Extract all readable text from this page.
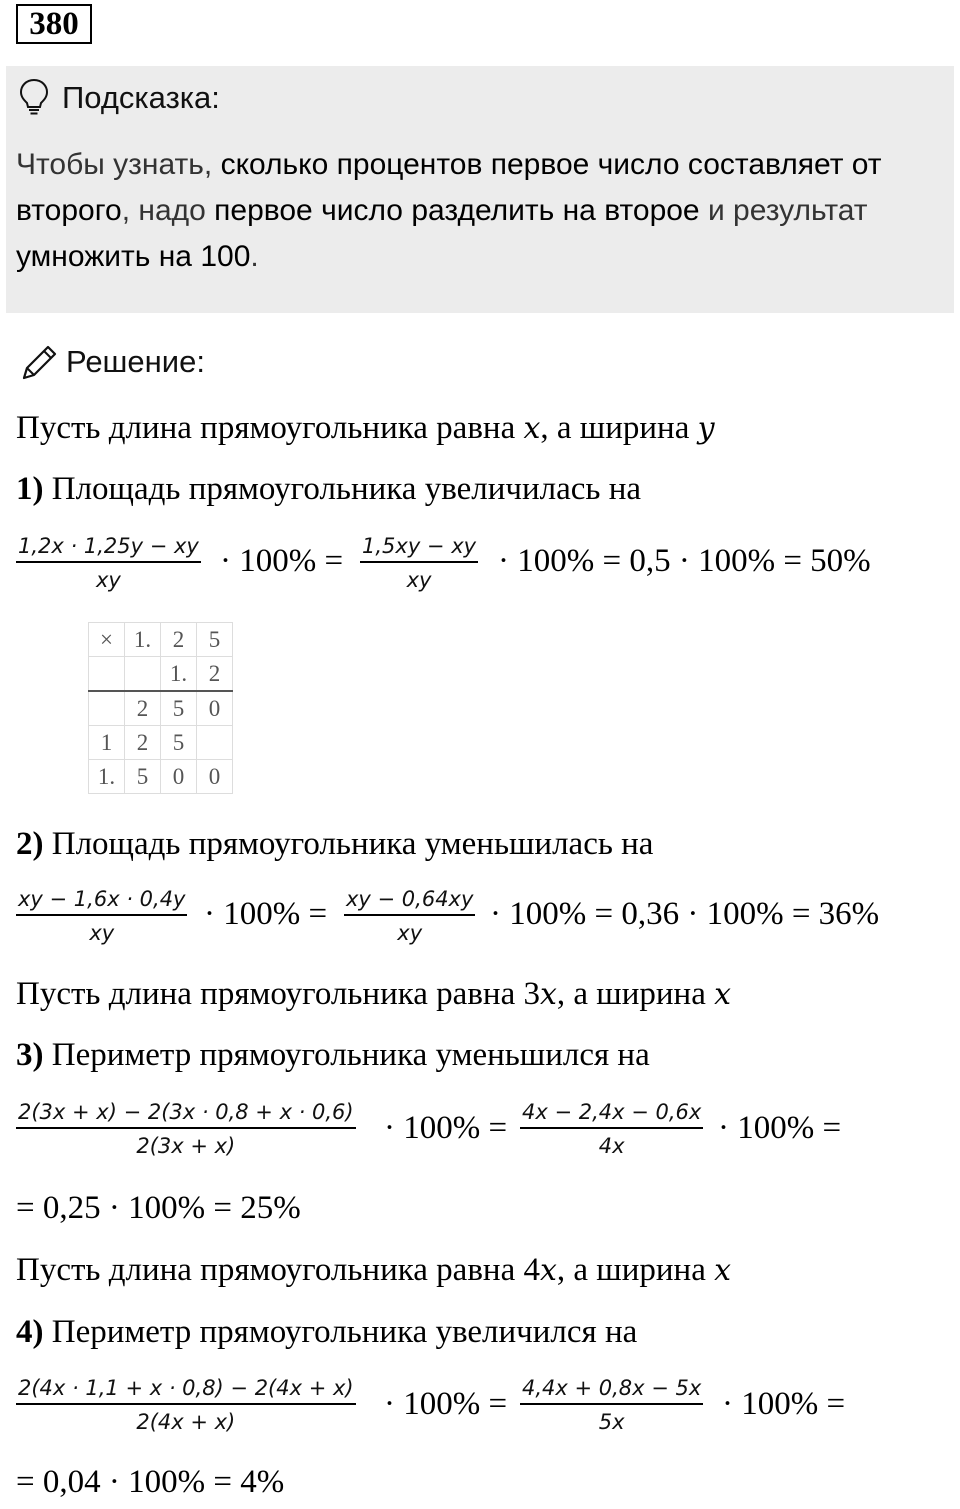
380
Подсказка:
Чтобы узнать, сколько процентов первое число составляет от второго, надо первое число разделить на второе и результат умножить на 100.
Решение:
Пусть длина прямоугольника равна x, а ширина y
1) Площадь прямоугольника увеличилась на
1,2x · 1,25y − xy
xy
· 100% = 1,5xy − xy
xy
· 100% = 0,5 · 100% = 50%
×	1.	2	5
		1.	2
	2	5	0
1	2	5	
1.	5	0	0
2) Площадь прямоугольника уменьшилась на
xy − 1,6x · 0,4y
xy
· 100% = xy − 0,64xy
xy
· 100% = 0,36 · 100% = 36%
Пусть длина прямоугольника равна 3x, а ширина x
3) Периметр прямоугольника уменьшился на
2(3x + x) − 2(3x · 0,8 + x · 0,6)
2(3x + x)	· 100% = 4x − 2,4x − 0,6x
4x	· 100% =
= 0,25 · 100% = 25%
Пусть длина прямоугольника равна 4x, а ширина x
4) Периметр прямоугольника увеличился на
2(4x · 1,1 + x · 0,8) − 2(4x + x)
2(4x + x)	· 100% = 4,4x + 0,8x − 5x
5x	· 100% =
= 0,04 · 100% = 4%
